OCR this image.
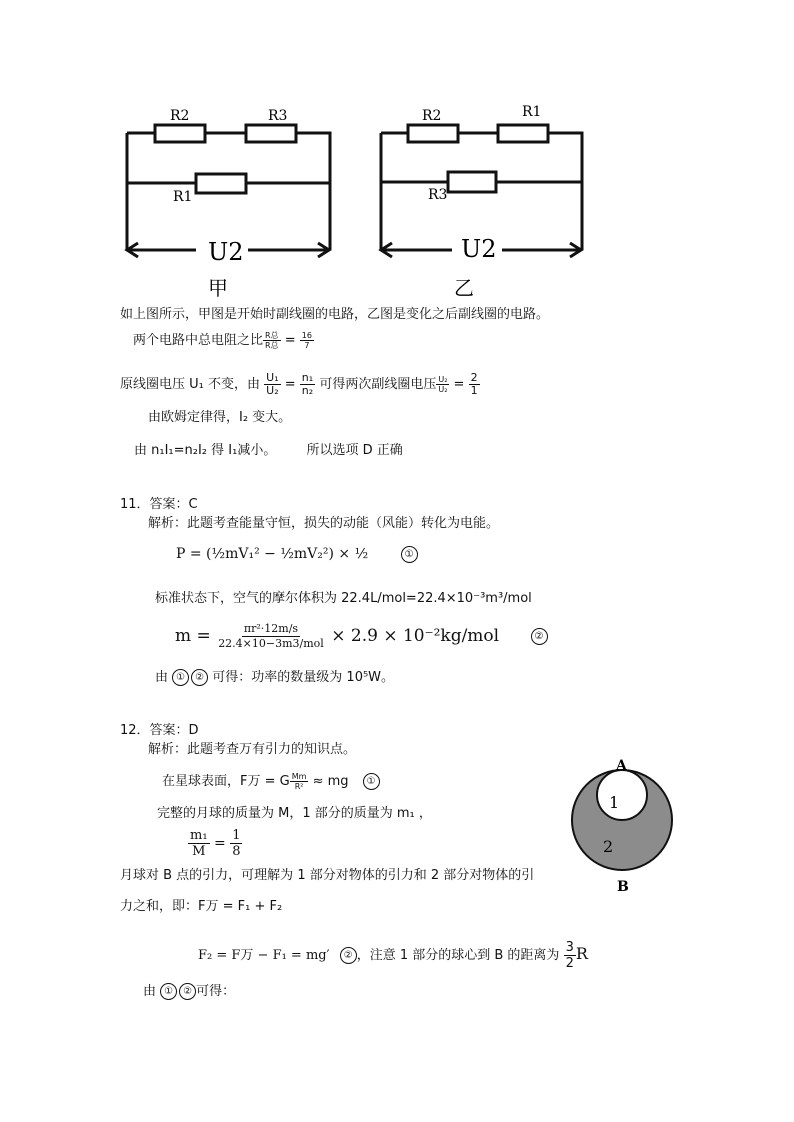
R2	R3
R1
U2
甲
R2	R1
R3
U2
乙
如上图所示，甲图是开始时副线圈的电路，乙图是变化之后副线圈的电路。
两个电路中总电阻之比 $\frac{\text{R总}}{\text{R总}} = \frac{16}{7}$
原线圈电压 U₁ 不变，由 $\frac{\text{U₁}}{\text{U₂}} = \frac{\text{n₁}}{\text{n₂}}$ 可得两次副线圈电压 $\frac{\text{U₂}}{\text{U₂}} = \frac{2}{1}$
由欧姆定律得，I₂ 变大。
由 n₁I₁=n₂I₂ 得 I₁减小。 所以选项 D 正确
11．答案：C
解析：此题考查能量守恒，损失的动能（风能）转化为电能。
P = (½mV₁² − ½mV₂²) × ½	①
标准状态下，空气的摩尔体积为 22.4L/mol=22.4×10⁻³m³/mol
$m = \frac{\text{πr²·12m/s}}{\text{22.4×10−3m3/mol}} \times 2.9 \times 10^{-2}kg/mol$	②
由 ① ② 可得：功率的数量级为 10⁵W。
12．答案：D
解析：此题考查万有引力的知识点。
在星球表面，F万 = G $\frac{Mm}{\text{R²}}$ ≈ mg ①
完整的月球的质量为 M，1 部分的质量为 m₁ ，
$\frac{\text{m₁}}{M} = \frac{1}{8}$
月球对 B 点的引力，可理解为 1 部分对物体的引力和 2 部分对物体的引
力之和，即：F万 = F₁ + F₂
F₂ = F万 − F₁ = mg′ ② ，注意 1 部分的球心到 B 的距离为 $\frac{3}{2}$ R
由 ① ② 可得：
A
B
1
2
